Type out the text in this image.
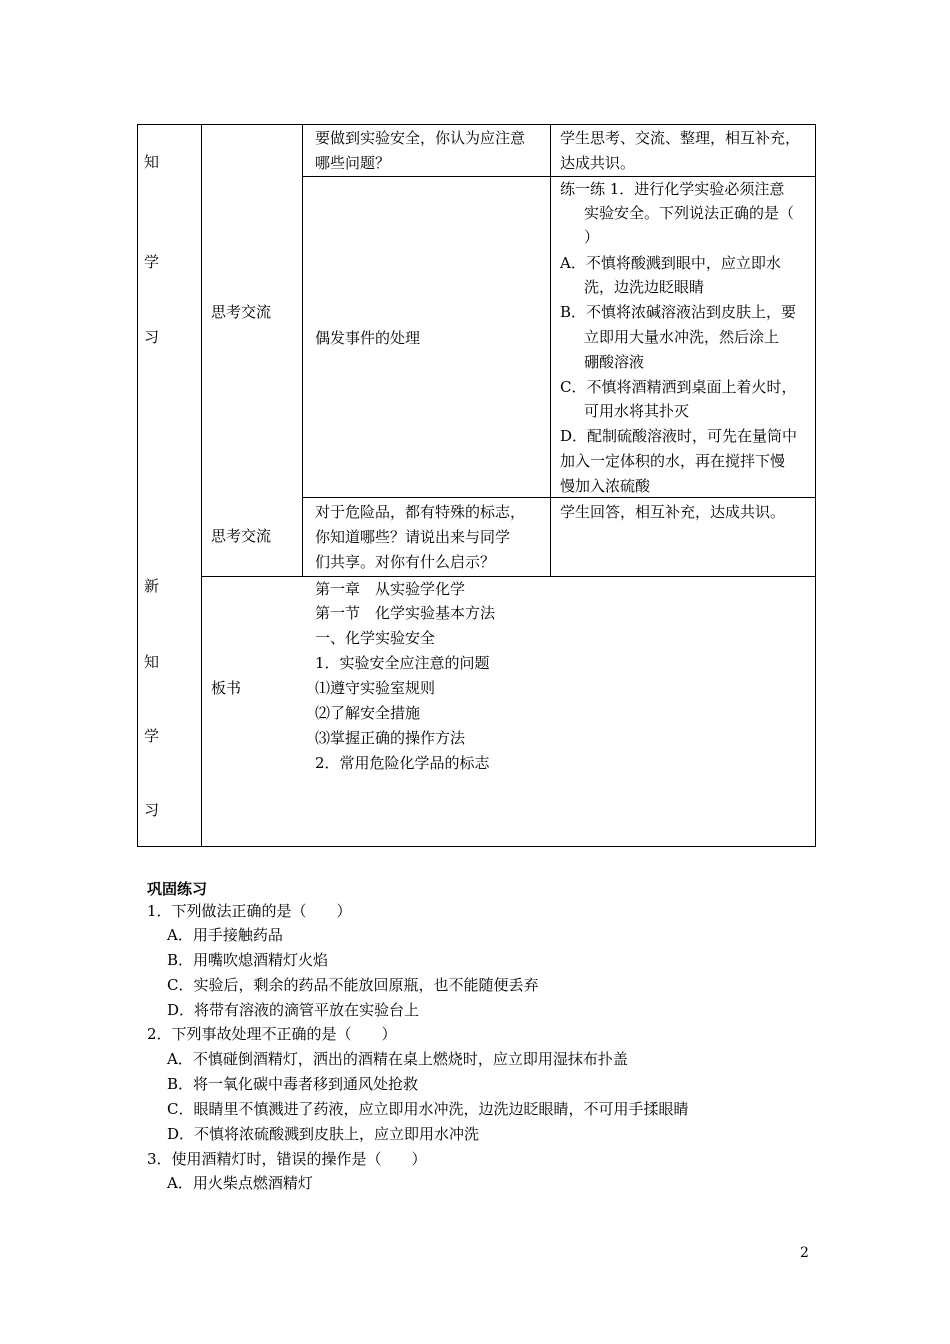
知
学
习
新
知
学
习
要做到实验安全，你认为应注意
哪些问题？
学生思考、交流、整理，相互补充，
达成共识。
思考交流
偶发事件的处理
练一练 1．进行化学实验必须注意
实验安全。下列说法正确的是（
）
A．不慎将酸溅到眼中，应立即水
洗，边洗边眨眼睛
B．不慎将浓碱溶液沾到皮肤上，要
立即用大量水冲洗，然后涂上
硼酸溶液
C．不慎将酒精洒到桌面上着火时，
可用水将其扑灭
D．配制硫酸溶液时，可先在量筒中
加入一定体积的水，再在搅拌下慢
慢加入浓硫酸
思考交流
对于危险品，都有特殊的标志，
你知道哪些？请说出来与同学
们共享。对你有什么启示？
学生回答，相互补充，达成共识。
板书
第一章　从实验学化学
第一节　化学实验基本方法
一、化学实验安全
1．实验安全应注意的问题
⑴遵守实验室规则
⑵了解安全措施
⑶掌握正确的操作方法
2．常用危险化学品的标志
巩固练习
1．下列做法正确的是（　　）
A．用手接触药品
B．用嘴吹熄酒精灯火焰
C．实验后，剩余的药品不能放回原瓶，也不能随便丢弃
D．将带有溶液的滴管平放在实验台上
2．下列事故处理不正确的是（　　）
A．不慎碰倒酒精灯，洒出的酒精在桌上燃烧时，应立即用湿抹布扑盖
B．将一氧化碳中毒者移到通风处抢救
C．眼睛里不慎溅进了药液，应立即用水冲洗，边洗边眨眼睛，不可用手揉眼睛
D．不慎将浓硫酸溅到皮肤上，应立即用水冲洗
3．使用酒精灯时，错误的操作是（　　）
A．用火柴点燃酒精灯
2
